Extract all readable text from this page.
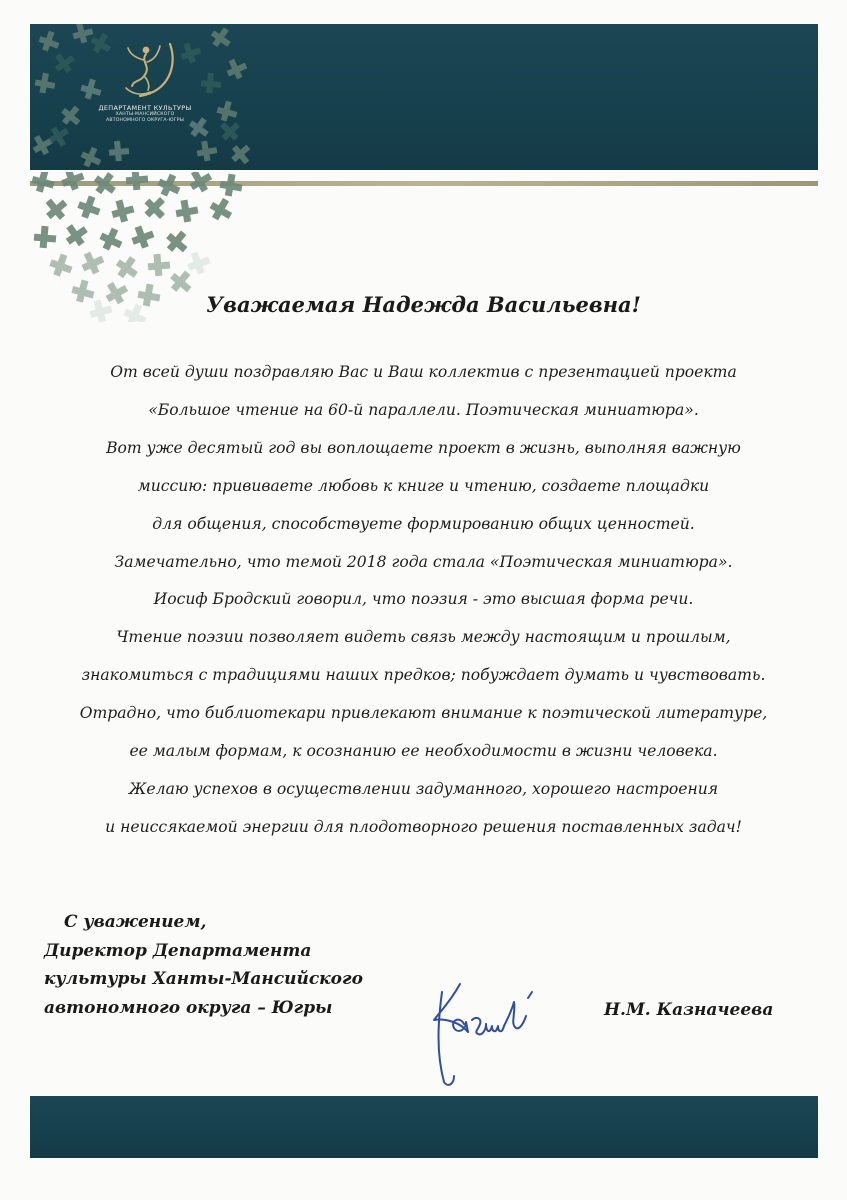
ДЕПАРТАМЕНТ КУЛЬТУРЫ
ХАНТЫ-МАНСИЙСКОГО
АВТОНОМНОГО ОКРУГА-ЮГРЫ
Уважаемая Надежда Васильевна!
От всей души поздравляю Вас и Ваш коллектив с презентацией проекта
«Большое чтение на 60-й параллели. Поэтическая миниатюра».
Вот уже десятый год вы воплощаете проект в жизнь, выполняя важную
миссию: прививаете любовь к книге и чтению, создаете площадки
для общения, способствуете формированию общих ценностей.
Замечательно, что темой 2018 года стала «Поэтическая миниатюра».
Иосиф Бродский говорил, что поэзия - это высшая форма речи.
Чтение поэзии позволяет видеть связь между настоящим и прошлым,
знакомиться с традициями наших предков; побуждает думать и чувствовать.
Отрадно, что библиотекари привлекают внимание к поэтической литературе,
ее малым формам, к осознанию ее необходимости в жизни человека.
Желаю успехов в осуществлении задуманного, хорошего настроения
и неиссякаемой энергии для плодотворного решения поставленных задач!
С уважением,
Директор Департамента
культуры Ханты-Мансийского
автономного округа – Югры	Н.М. Казначеева
